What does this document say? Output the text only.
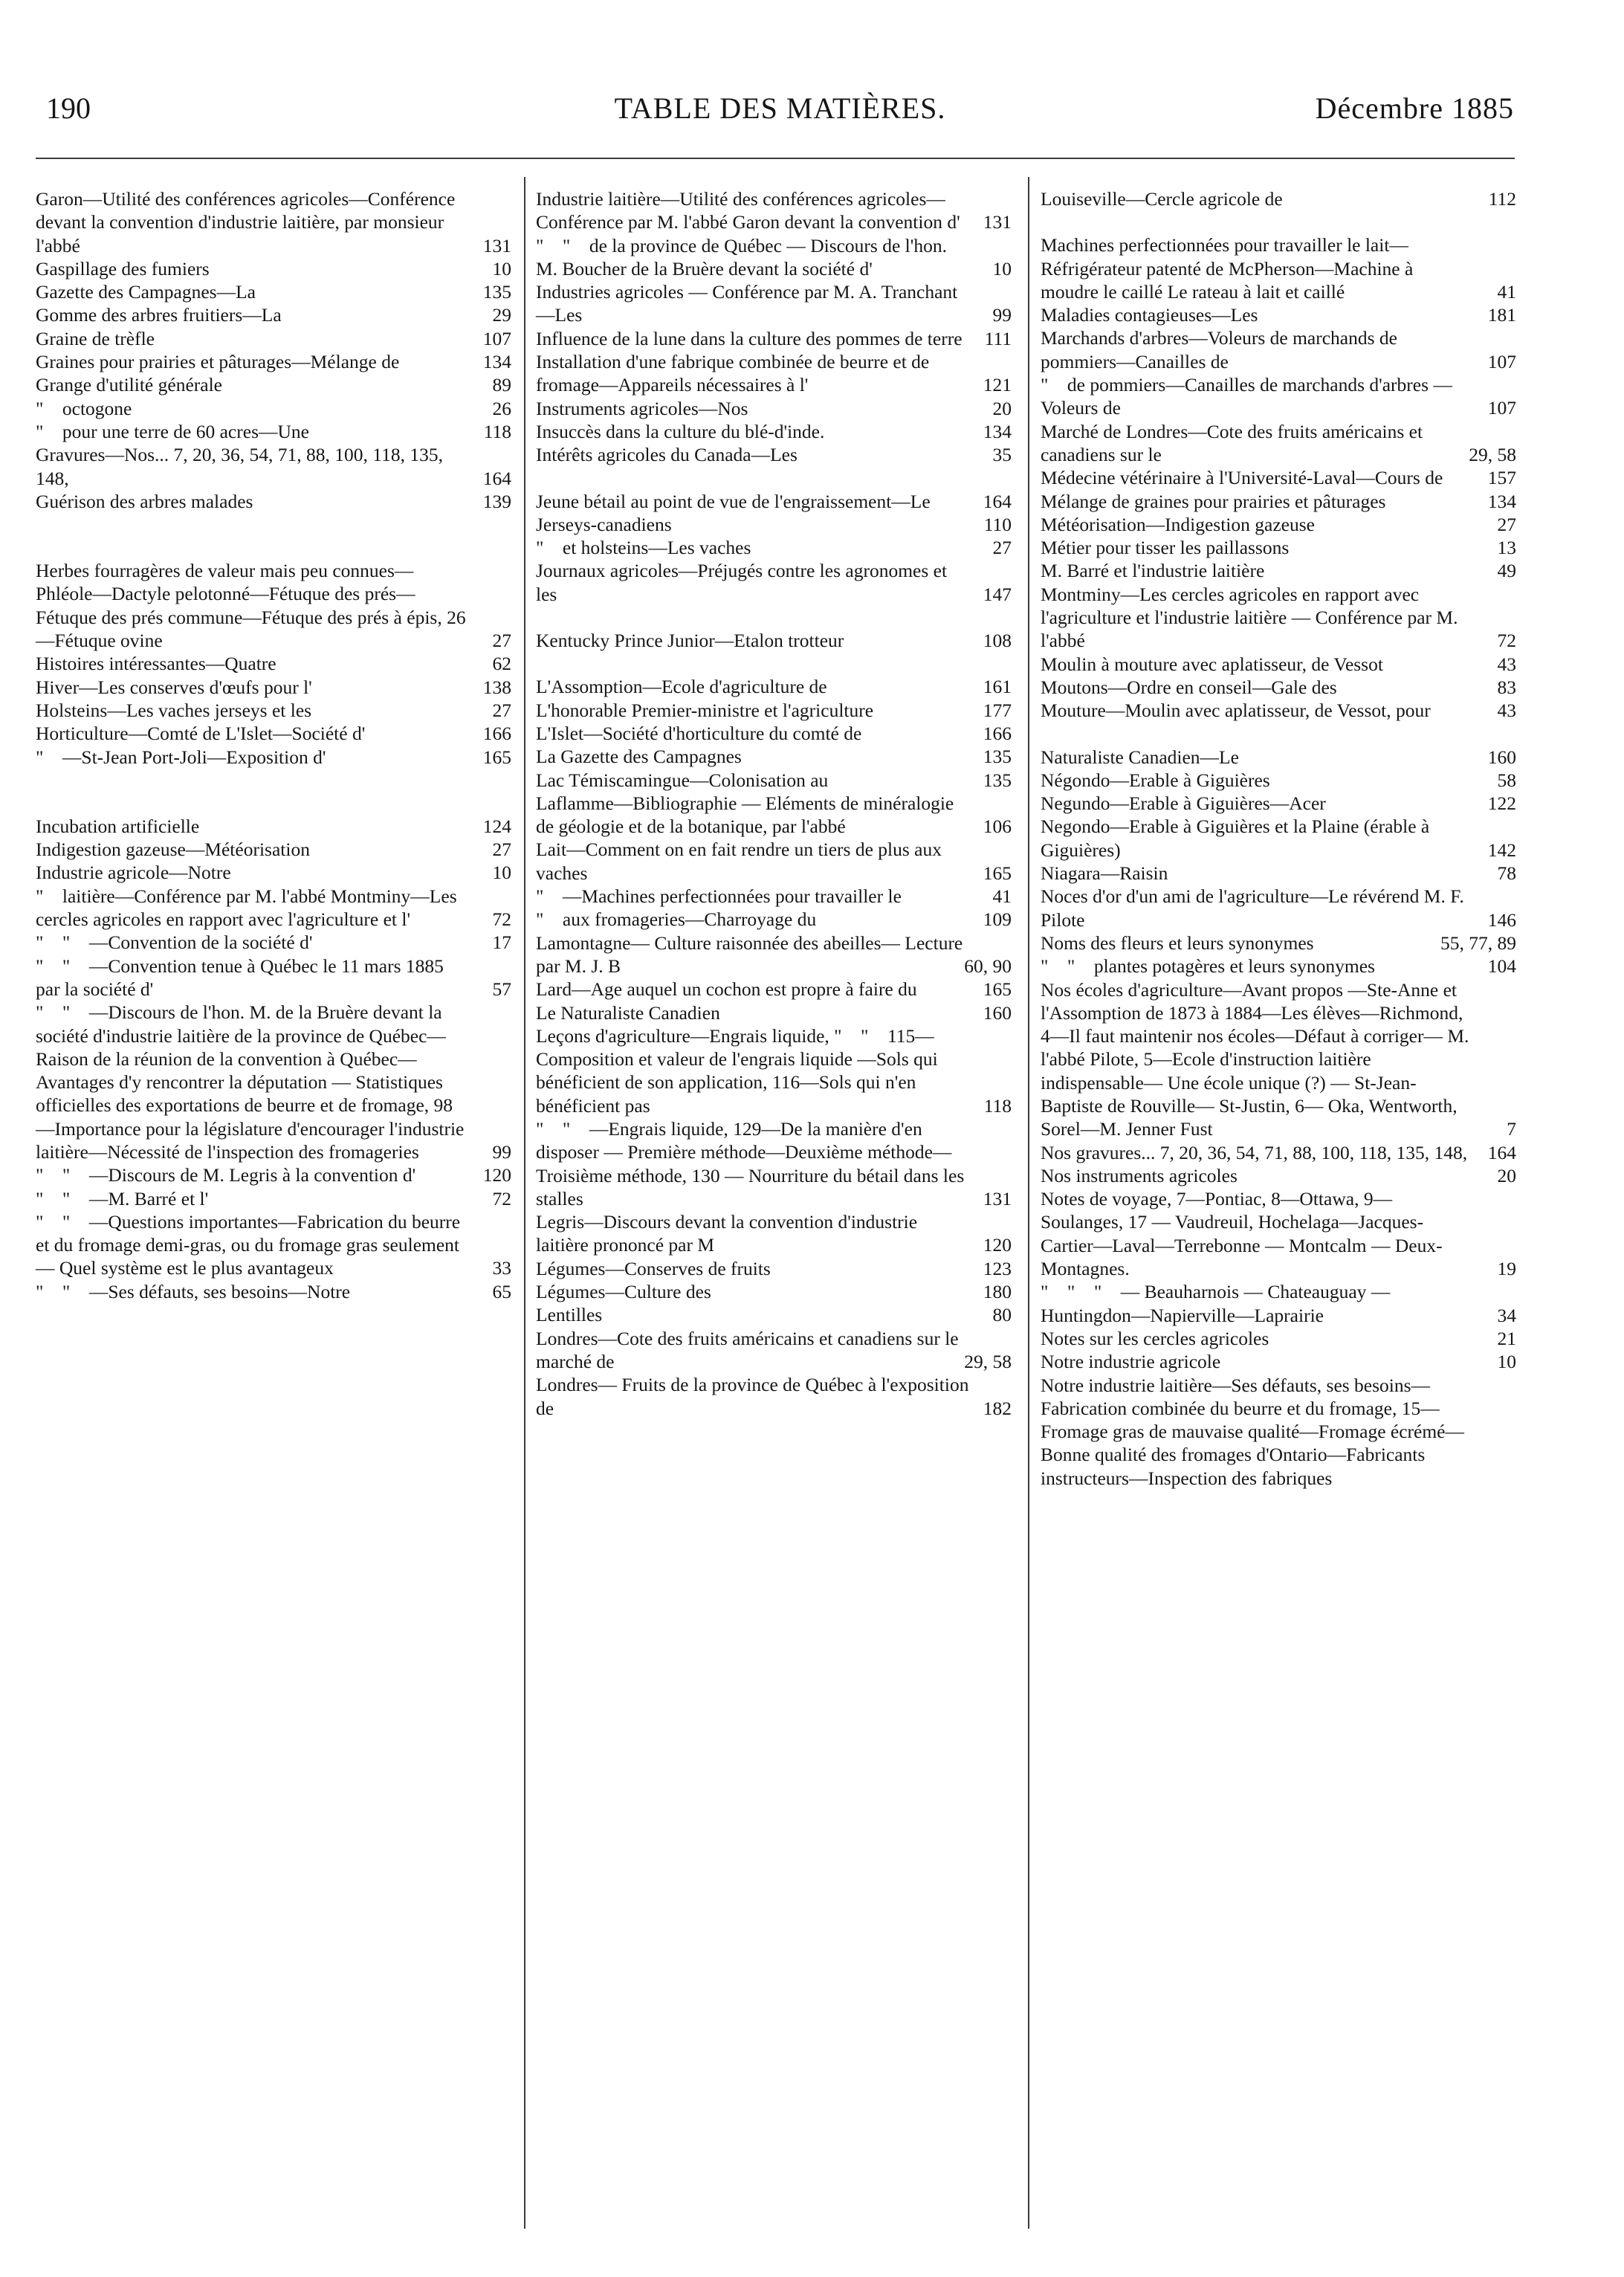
190	TABLE DES MATIÈRES.	Décembre 1885
Garon—Utilité des conférences agricoles—Conférence devant la convention d'industrie laitière, par monsieur l'abbé	131
Gaspillage des fumiers	10
Gazette des Campagnes—La	135
Gomme des arbres fruitiers—La	29
Graine de trèfle	107
Graines pour prairies et pâturages—Mélange de	134
Grange d'utilité générale	89
"    octogone	26
"    pour une terre de 60 acres—Une	118
Gravures—Nos... 7, 20, 36, 54, 71, 88, 100, 118, 135, 148,	164
Guérison des arbres malades	139
Herbes fourragères de valeur mais peu connues—Phléole—Dactyle pelotonné—Fétuque des prés—Fétuque des prés commune—Fétuque des prés à épis, 26—Fétuque ovine	27
Histoires intéressantes—Quatre	62
Hiver—Les conserves d'œufs pour l'	138
Holsteins—Les vaches jerseys et les	27
Horticulture—Comté de L'Islet—Société d'	166
"    —St-Jean Port-Joli—Exposition d'	165
Incubation artificielle	124
Indigestion gazeuse—Météorisation	27
Industrie agricole—Notre	10
"    laitière—Conférence par M. l'abbé Montminy—Les cercles agricoles en rapport avec l'agriculture et l'	72
"    "    —Convention de la société d'	17
"    "    —Convention tenue à Québec le 11 mars 1885 par la société d'	57
"    "    —Discours de l'hon. M. de la Bruère devant la société d'industrie laitière de la province de Québec—Raison de la réunion de la convention à Québec—Avantages d'y rencontrer la députation — Statistiques officielles des exportations de beurre et de fromage, 98—Importance pour la législature d'encourager l'industrie laitière—Nécessité de l'inspection des fromageries	99
"    "    —Discours de M. Legris à la convention d'	120
"    "    —M. Barré et l'	72
"    "    —Questions importantes—Fabrication du beurre et du fromage demi-gras, ou du fromage gras seulement — Quel système est le plus avantageux	33
"    "    —Ses défauts, ses besoins—Notre	65
Industrie laitière—Utilité des conférences agricoles—Conférence par M. l'abbé Garon devant la convention d'	131
"    "    de la province de Québec — Discours de l'hon. M. Boucher de la Bruère devant la société d'	10
Industries agricoles — Conférence par M. A. Tranchant—Les	99
Influence de la lune dans la culture des pommes de terre	111
Installation d'une fabrique combinée de beurre et de fromage—Appareils nécessaires à l'	121
Instruments agricoles—Nos	20
Insuccès dans la culture du blé-d'inde.	134
Intérêts agricoles du Canada—Les	35
Jeune bétail au point de vue de l'engraissement—Le	164
Jerseys-canadiens	110
"    et holsteins—Les vaches	27
Journaux agricoles—Préjugés contre les agronomes et les	147
Kentucky Prince Junior—Etalon trotteur	108
L'Assomption—Ecole d'agriculture de	161
L'honorable Premier-ministre et l'agriculture	177
L'Islet—Société d'horticulture du comté de	166
La Gazette des Campagnes	135
Lac Témiscamingue—Colonisation au	135
Laflamme—Bibliographie — Eléments de minéralogie de géologie et de la botanique, par l'abbé	106
Lait—Comment on en fait rendre un tiers de plus aux vaches	165
"    —Machines perfectionnées pour travailler le	41
"    aux fromageries—Charroyage du	109
Lamontagne— Culture raisonnée des abeilles— Lecture par M. J. B	60, 90
Lard—Age auquel un cochon est propre à faire du	165
Le Naturaliste Canadien	160
Leçons d'agriculture—Engrais liquide, "    "    115—Composition et valeur de l'engrais liquide —Sols qui bénéficient de son application, 116—Sols qui n'en bénéficient pas	118
"    "    —Engrais liquide, 129—De la manière d'en disposer — Première méthode—Deuxième méthode—Troisième méthode, 130 — Nourriture du bétail dans les stalles	131
Legris—Discours devant la convention d'industrie laitière prononcé par M	120
Légumes—Conserves de fruits	123
Légumes—Culture des	180
Lentilles	80
Londres—Cote des fruits américains et canadiens sur le marché de	29, 58
Londres— Fruits de la province de Québec à l'exposition de	182
Louiseville—Cercle agricole de	112
Machines perfectionnées pour travailler le lait—Réfrigérateur patenté de McPherson—Machine à moudre le caillé Le rateau à lait et caillé	41
Maladies contagieuses—Les	181
Marchands d'arbres—Voleurs de marchands de pommiers—Canailles de	107
"    de pommiers—Canailles de marchands d'arbres — Voleurs de	107
Marché de Londres—Cote des fruits américains et canadiens sur le	29, 58
Médecine vétérinaire à l'Université-Laval—Cours de	157
Mélange de graines pour prairies et pâturages	134
Météorisation—Indigestion gazeuse	27
Métier pour tisser les paillassons	13
M. Barré et l'industrie laitière	49
Montminy—Les cercles agricoles en rapport avec l'agriculture et l'industrie laitière — Conférence par M. l'abbé	72
Moulin à mouture avec aplatisseur, de Vessot	43
Moutons—Ordre en conseil—Gale des	83
Mouture—Moulin avec aplatisseur, de Vessot, pour	43
Naturaliste Canadien—Le	160
Négondo—Erable à Giguières	58
Negundo—Erable à Giguières—Acer	122
Negondo—Erable à Giguières et la Plaine (érable à Giguières)	142
Niagara—Raisin	78
Noces d'or d'un ami de l'agriculture—Le révérend M. F. Pilote	146
Noms des fleurs et leurs synonymes	55, 77, 89
"    "    plantes potagères et leurs synonymes	104
Nos écoles d'agriculture—Avant propos —Ste-Anne et l'Assomption de 1873 à 1884—Les élèves—Richmond, 4—Il faut maintenir nos écoles—Défaut à corriger— M. l'abbé Pilote, 5—Ecole d'instruction laitière indispensable— Une école unique (?) — St-Jean-Baptiste de Rouville— St-Justin, 6— Oka, Wentworth, Sorel—M. Jenner Fust	7
Nos gravures... 7, 20, 36, 54, 71, 88, 100, 118, 135, 148,	164
Nos instruments agricoles	20
Notes de voyage, 7—Pontiac, 8—Ottawa, 9—Soulanges, 17 — Vaudreuil, Hochelaga—Jacques-Cartier—Laval—Terrebonne — Montcalm — Deux-Montagnes.	19
"    "    "    — Beauharnois — Chateauguay — Huntingdon—Napierville—Laprairie	34
Notes sur les cercles agricoles	21
Notre industrie agricole	10
Notre industrie laitière—Ses défauts, ses besoins—Fabrication combinée du beurre et du fromage, 15—Fromage gras de mauvaise qualité—Fromage écrémé—Bonne qualité des fromages d'Ontario—Fabricants instructeurs—Inspection des fabriques
